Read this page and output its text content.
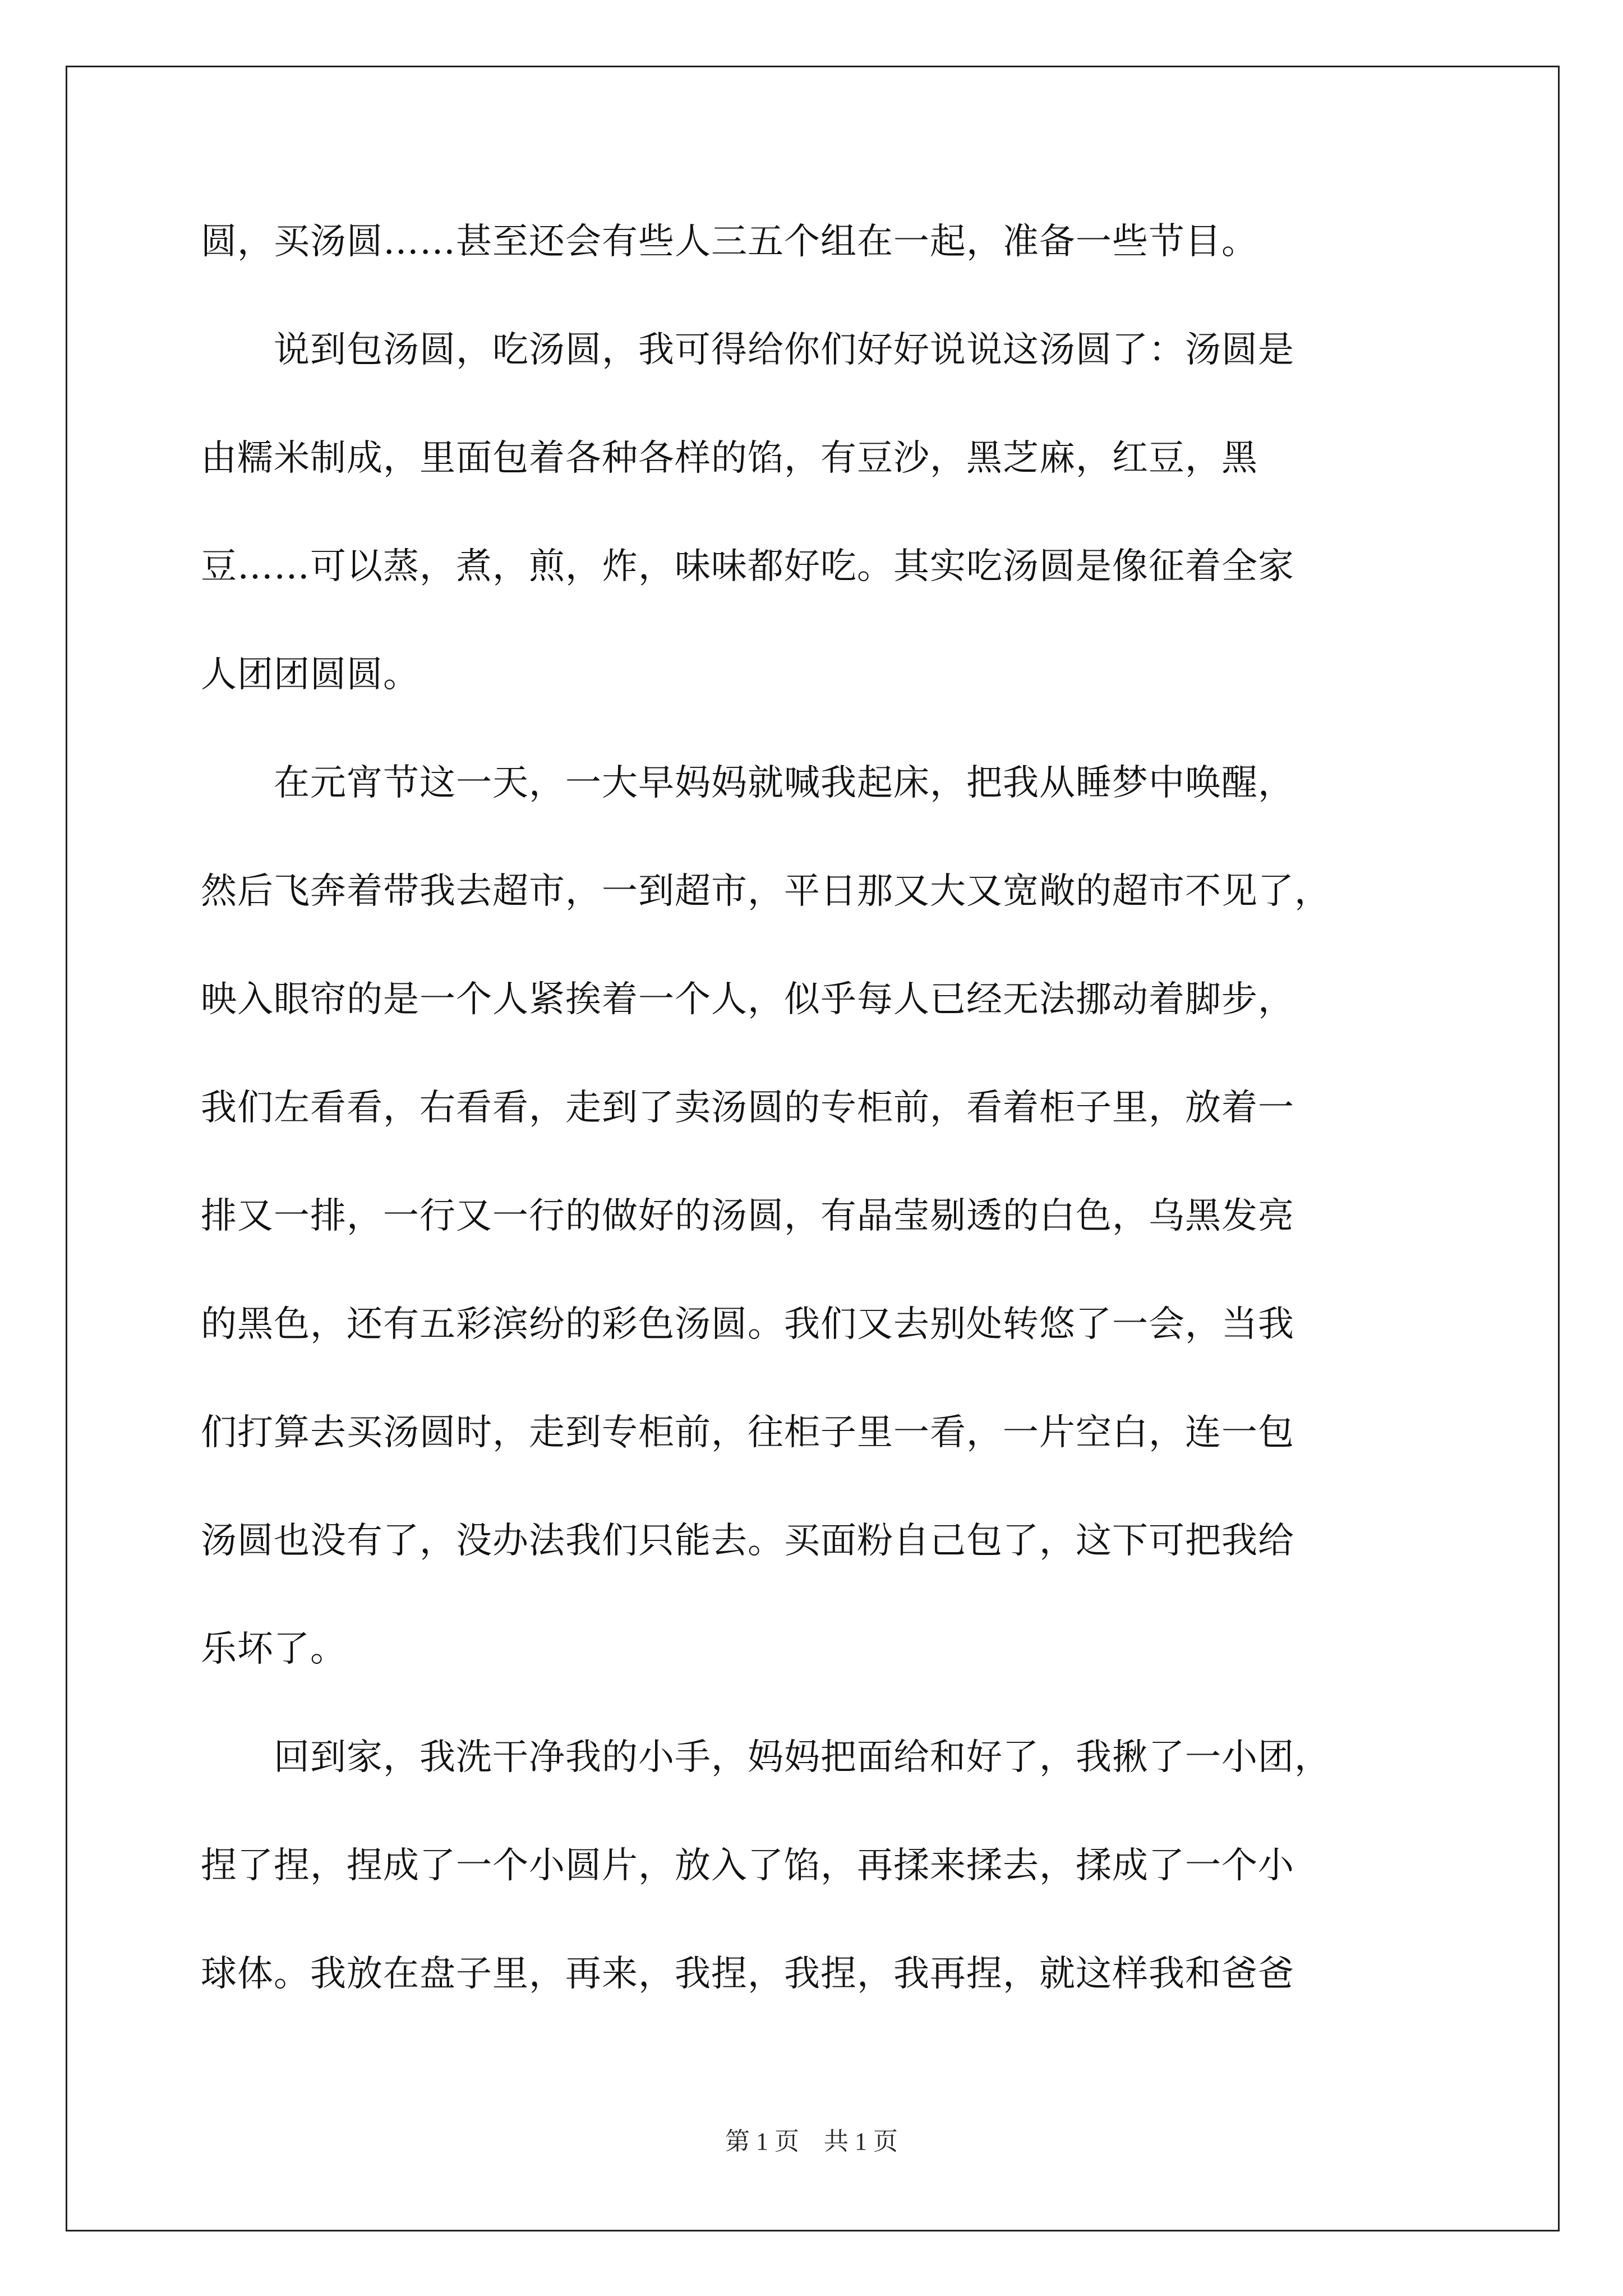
圆，买汤圆……甚至还会有些人三五个组在一起，准备一些节目。
　　说到包汤圆，吃汤圆，我可得给你们好好说说这汤圆了：汤圆是
由糯米制成，里面包着各种各样的馅，有豆沙，黑芝麻，红豆，黑
豆……可以蒸，煮，煎，炸，味味都好吃。其实吃汤圆是像征着全家
人团团圆圆。
　　在元宵节这一天，一大早妈妈就喊我起床，把我从睡梦中唤醒，
然后飞奔着带我去超市，一到超市，平日那又大又宽敞的超市不见了，
映入眼帘的是一个人紧挨着一个人，似乎每人已经无法挪动着脚步，
我们左看看，右看看，走到了卖汤圆的专柜前，看着柜子里，放着一
排又一排，一行又一行的做好的汤圆，有晶莹剔透的白色，乌黑发亮
的黑色，还有五彩滨纷的彩色汤圆。我们又去别处转悠了一会，当我
们打算去买汤圆时，走到专柜前，往柜子里一看，一片空白，连一包
汤圆也没有了，没办法我们只能去。买面粉自己包了，这下可把我给
乐坏了。
　　回到家，我洗干净我的小手，妈妈把面给和好了，我揪了一小团，
捏了捏，捏成了一个小圆片，放入了馅，再揉来揉去，揉成了一个小
球体。我放在盘子里，再来，我捏，我捏，我再捏，就这样我和爸爸
第 1 页　共 1 页
